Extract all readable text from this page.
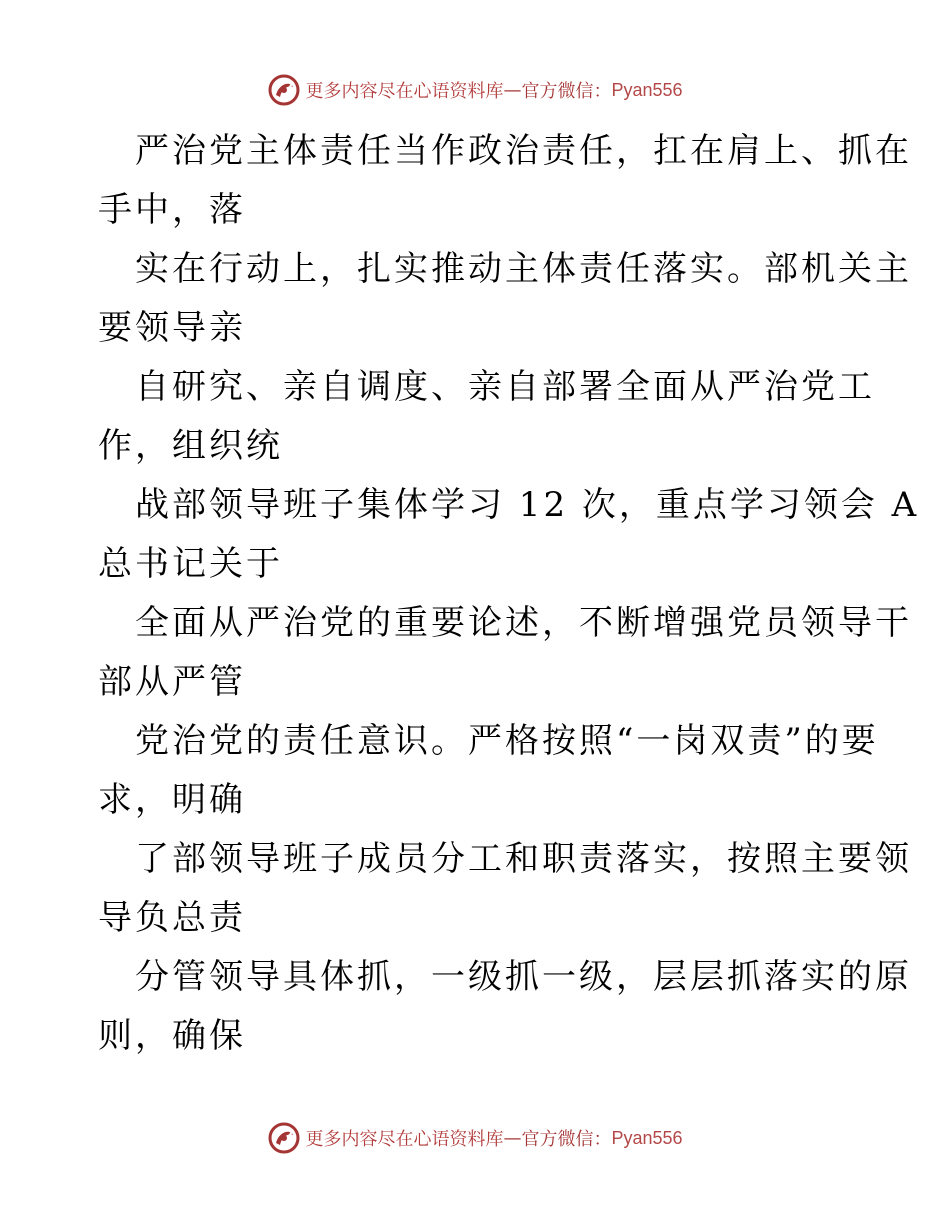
更多内容尽在心语资料库 — 官方微信： Pyan556
严治党主体责任当作政治责任，扛在肩上、抓在
手中，落
实在行动上，扎实推动主体责任落实。部机关主
要领导亲
自研究、亲自调度、亲自部署全面从严治党工
作，组织统
战部领导班子集体学习 12 次，重点学习领会 A
总书记关于
全面从严治党的重要论述，不断增强党员领导干
部从严管
党治党的责任意识。严格按照“一岗双责”的要
求，明确
了部领导班子成员分工和职责落实，按照主要领
导负总责
分管领导具体抓，一级抓一级，层层抓落实的原
则，确保
更多内容尽在心语资料库 — 官方微信： Pyan556
